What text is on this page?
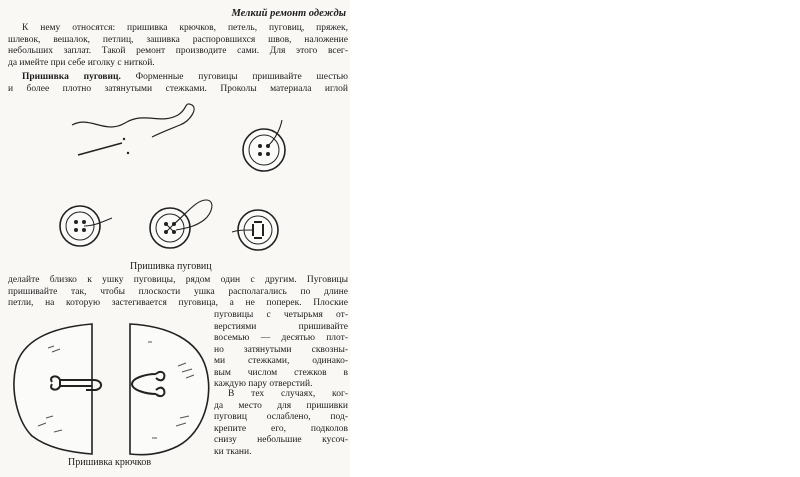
Мелкий ремонт одежды
К нему относятся: пришивка крючков, петель, пуговиц, пряжек,
шлевок, вешалок, петлиц, зашивка распоровшихся швов, наложение
небольших заплат. Такой ремонт производите сами. Для этого всег-
да имейте при себе иголку с ниткой.
Пришивка пуговиц. Форменные пуговицы пришивайте шестью
и более плотно затянутыми стежками. Проколы материала иглой
Пришивка пуговиц
делайте близко к ушку пуговицы, рядом один с другим. Пуговицы
пришивайте так, чтобы плоскости ушка располагались по длине
петли, на которую застегивается пуговица, а не поперек. Плоские
пуговицы с четырьмя от-
верстиями пришивайте
восемью — десятью плот-
но затянутыми сквозны-
ми стежками, одинако-
вым числом стежков в
каждую пару отверстий.
В тех случаях, ког-
да место для пришивки
пуговиц ослаблено, под-
крепите его, подколов
снизу небольшие кусоч-
ки ткани.
Пришивка крючков
